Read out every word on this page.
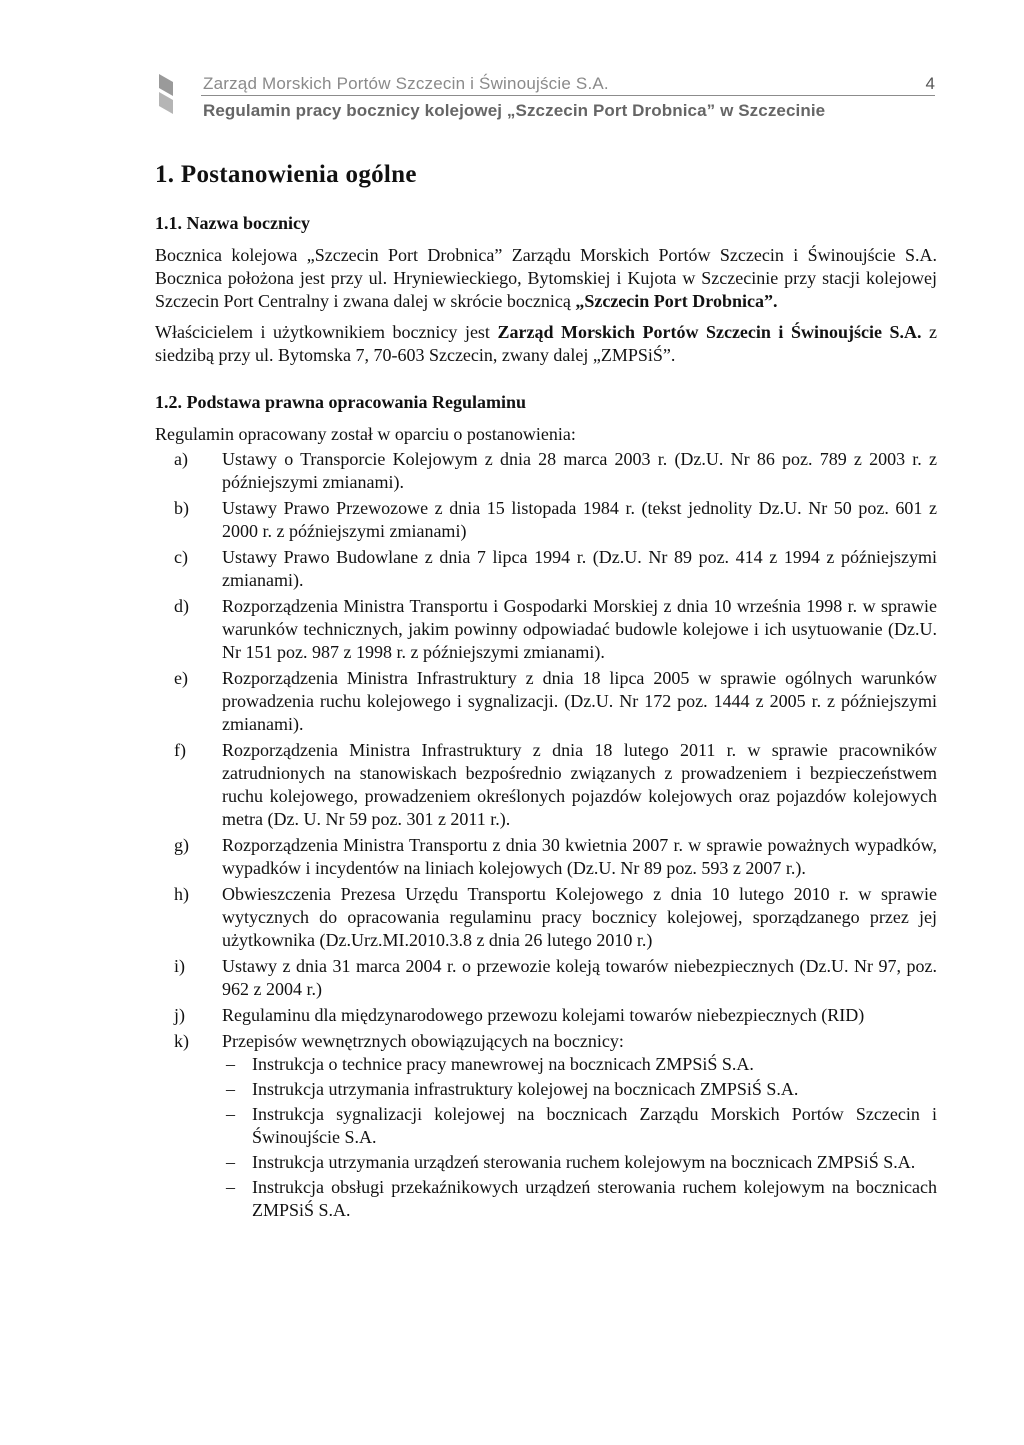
Zarząd Morskich Portów Szczecin i Świnoujście S.A.	4
Regulamin pracy bocznicy kolejowej „Szczecin Port Drobnica” w Szczecinie
1. Postanowienia ogólne
1.1. Nazwa bocznicy

Bocznica kolejowa „Szczecin Port Drobnica” Zarządu Morskich Portów Szczecin i Świnoujście S.A. Bocznica położona jest przy ul. Hryniewieckiego, Bytomskiej i Kujota w Szczecinie przy stacji kolejowej Szczecin Port Centralny i zwana dalej w skrócie bocznicą „Szczecin Port Drobnica”.

Właścicielem i użytkownikiem bocznicy jest Zarząd Morskich Portów Szczecin i Świnoujście S.A. z siedzibą przy ul. Bytomska 7, 70-603 Szczecin, zwany dalej „ZMPSiŚ”.

1.2. Podstawa prawna opracowania Regulaminu

Regulamin opracowany został w oparciu o postanowienia:

a) Ustawy o Transporcie Kolejowym z dnia 28 marca 2003 r. (Dz.U. Nr 86 poz. 789 z 2003 r. z późniejszymi zmianami).
b) Ustawy Prawo Przewozowe z dnia 15 listopada 1984 r. (tekst jednolity Dz.U. Nr 50 poz. 601 z 2000 r. z późniejszymi zmianami)
c) Ustawy Prawo Budowlane z dnia 7 lipca 1994 r. (Dz.U. Nr 89 poz. 414 z 1994 z późniejszymi zmianami).
d) Rozporządzenia Ministra Transportu i Gospodarki Morskiej z dnia 10 września 1998 r. w sprawie warunków technicznych, jakim powinny odpowiadać budowle kolejowe i ich usytuowanie (Dz.U. Nr 151 poz. 987 z 1998 r. z późniejszymi zmianami).
e) Rozporządzenia Ministra Infrastruktury z dnia 18 lipca 2005 w sprawie ogólnych warunków prowadzenia ruchu kolejowego i sygnalizacji. (Dz.U. Nr 172 poz. 1444 z 2005 r. z późniejszymi zmianami).
f) Rozporządzenia Ministra Infrastruktury z dnia 18 lutego 2011 r. w sprawie pracowników zatrudnionych na stanowiskach bezpośrednio związanych z prowadzeniem i bezpieczeństwem ruchu kolejowego, prowadzeniem określonych pojazdów kolejowych oraz pojazdów kolejowych metra (Dz. U. Nr 59 poz. 301 z 2011 r.).
g) Rozporządzenia Ministra Transportu z dnia 30 kwietnia 2007 r. w sprawie poważnych wypadków, wypadków i incydentów na liniach kolejowych (Dz.U. Nr 89 poz. 593 z 2007 r.).
h) Obwieszczenia Prezesa Urzędu Transportu Kolejowego z dnia 10 lutego 2010 r. w sprawie wytycznych do opracowania regulaminu pracy bocznicy kolejowej, sporządzanego przez jej użytkownika (Dz.Urz.MI.2010.3.8 z dnia 26 lutego 2010 r.)
i) Ustawy z dnia 31 marca 2004 r. o przewozie koleją towarów niebezpiecznych (Dz.U. Nr 97, poz. 962 z 2004 r.)
j) Regulaminu dla międzynarodowego przewozu kolejami towarów niebezpiecznych (RID)
k) Przepisów wewnętrznych obowiązujących na bocznicy:
– Instrukcja o technice pracy manewrowej na bocznicach ZMPSiŚ S.A.
– Instrukcja utrzymania infrastruktury kolejowej na bocznicach ZMPSiŚ S.A.
– Instrukcja sygnalizacji kolejowej na bocznicach Zarządu Morskich Portów Szczecin i Świnoujście S.A.
– Instrukcja utrzymania urządzeń sterowania ruchem kolejowym na bocznicach ZMPSiŚ S.A.
– Instrukcja obsługi przekaźnikowych urządzeń sterowania ruchem kolejowym na bocznicach ZMPSiŚ S.A.
